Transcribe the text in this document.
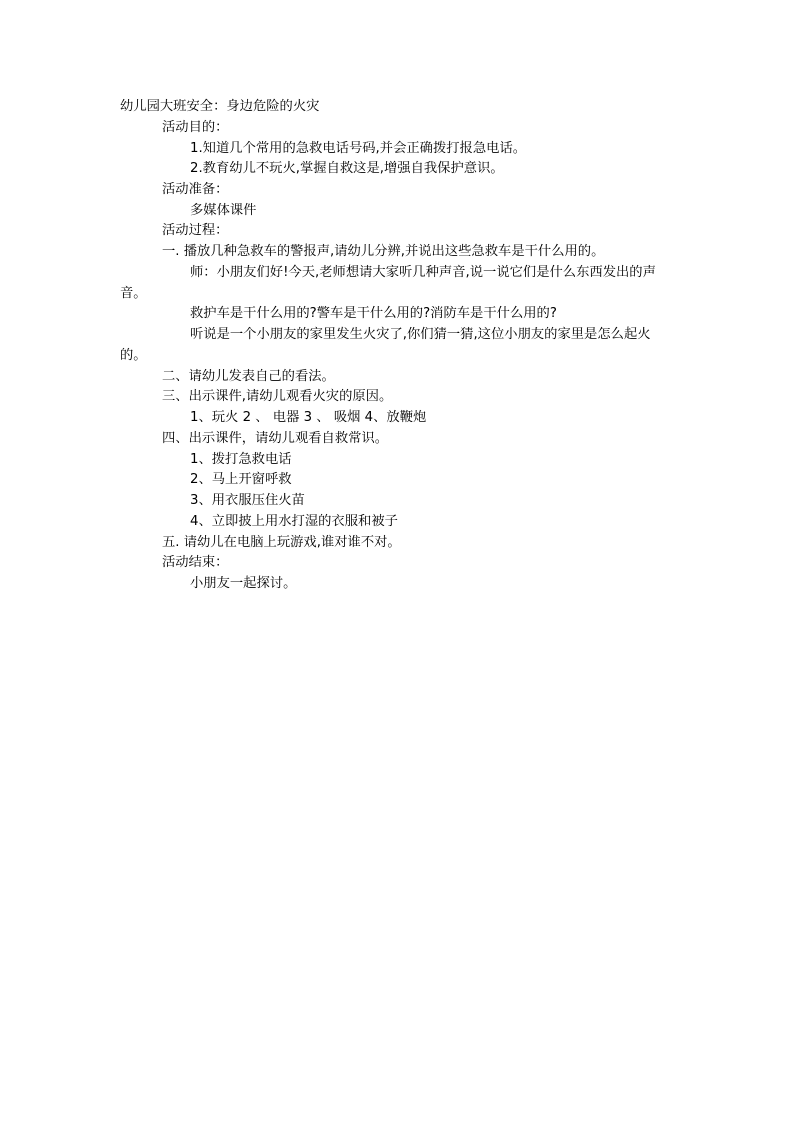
幼儿园大班安全：身边危险的火灾
活动目的：
1.知道几个常用的急救电话号码,并会正确拨打报急电话。
2.教育幼儿不玩火,掌握自救这是,增强自我保护意识。
活动准备：
多媒体课件
活动过程：
一. 播放几种急救车的警报声,请幼儿分辨,并说出这些急救车是干什么用的。
师：小朋友们好!今天,老师想请大家听几种声音,说一说它们是什么东西发出的声
音。
救护车是干什么用的?警车是干什么用的?消防车是干什么用的?
听说是一个小朋友的家里发生火灾了,你们猜一猜,这位小朋友的家里是怎么起火
的。
二、请幼儿发表自己的看法。
三、出示课件,请幼儿观看火灾的原因。
1、玩火 2 、 电器 3 、 吸烟 4、放鞭炮
四、出示课件，请幼儿观看自救常识。
1、拨打急救电话
2、马上开窗呼救
3、用衣服压住火苗
4、立即披上用水打湿的衣服和被子
五. 请幼儿在电脑上玩游戏,谁对谁不对。
活动结束：
小朋友一起探讨。
